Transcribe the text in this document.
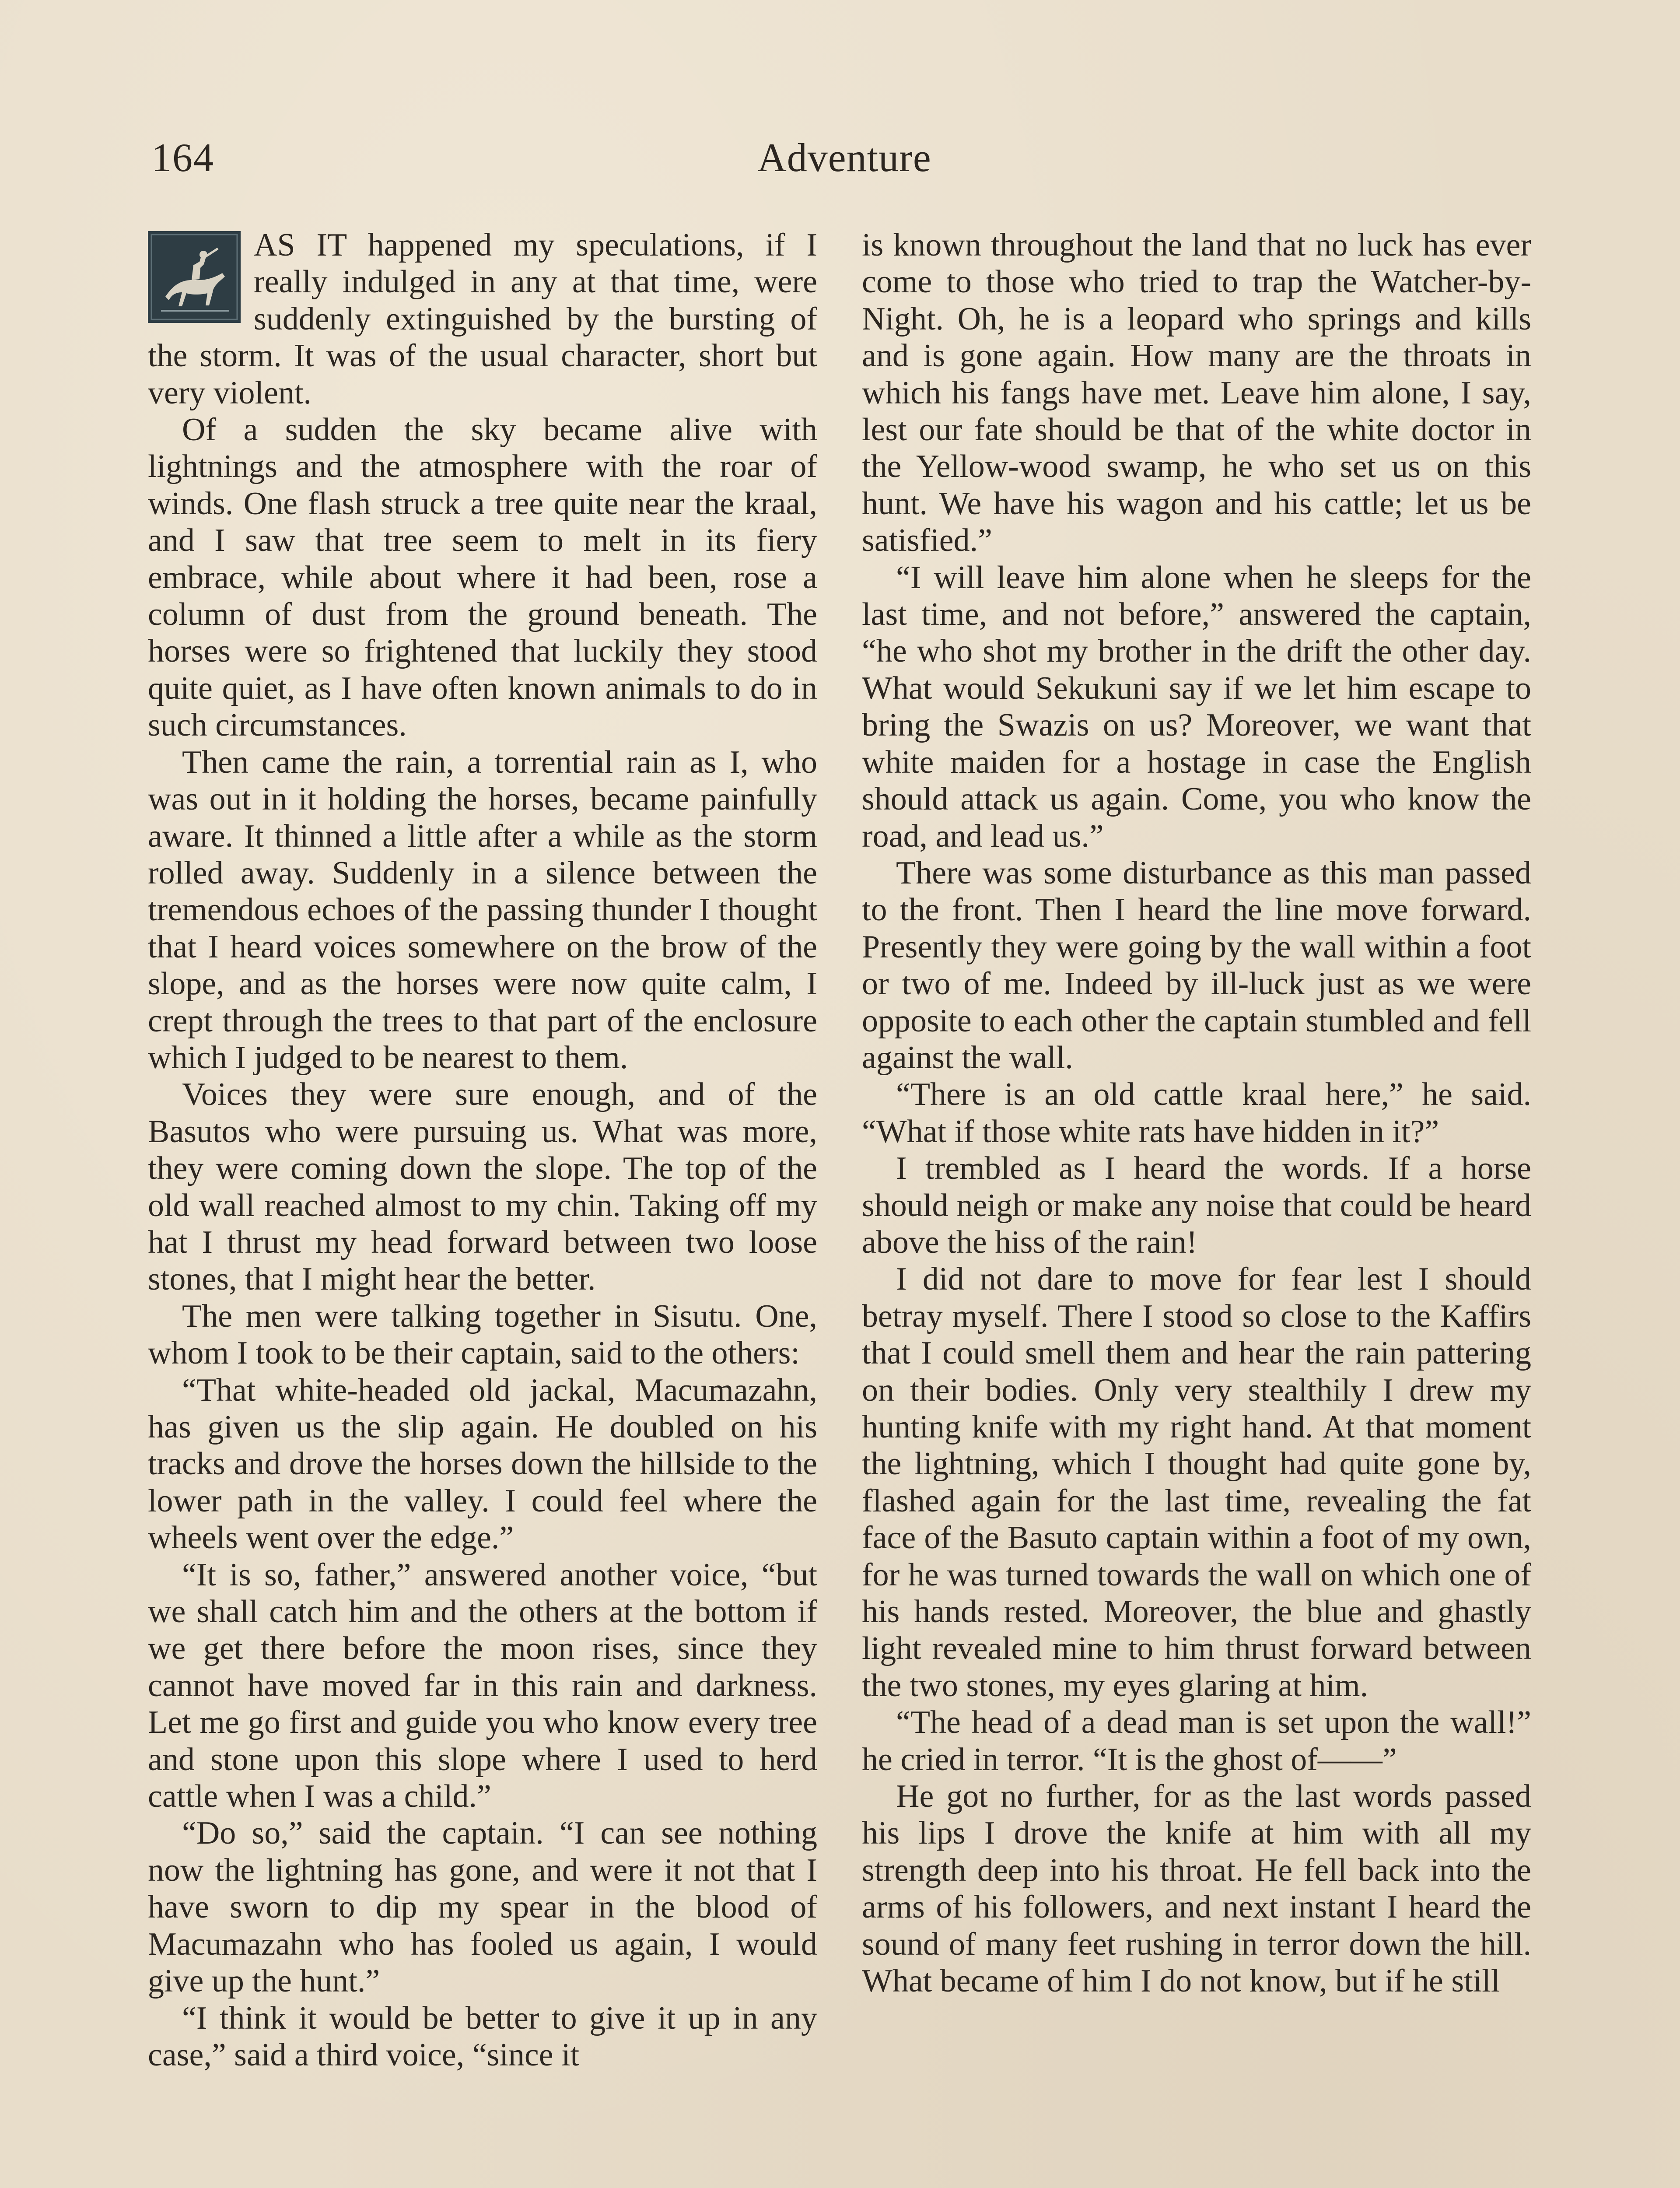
164	Adventure

AS IT happened my speculations, if I really indulged in any at that time, were suddenly extinguished by the bursting of the storm. It was of the usual character, short but very violent.

Of a sudden the sky became alive with lightnings and the atmosphere with the roar of winds. One flash struck a tree quite near the kraal, and I saw that tree seem to melt in its fiery embrace, while about where it had been, rose a column of dust from the ground beneath. The horses were so frightened that luckily they stood quite quiet, as I have often known animals to do in such circumstances.

Then came the rain, a torrential rain as I, who was out in it holding the horses, became painfully aware. It thinned a little after a while as the storm rolled away. Suddenly in a silence between the tremendous echoes of the passing thunder I thought that I heard voices somewhere on the brow of the slope, and as the horses were now quite calm, I crept through the trees to that part of the enclosure which I judged to be nearest to them.

Voices they were sure enough, and of the Basutos who were pursuing us. What was more, they were coming down the slope. The top of the old wall reached almost to my chin. Taking off my hat I thrust my head forward between two loose stones, that I might hear the better.

The men were talking together in Sisutu. One, whom I took to be their captain, said to the others:

“That white-headed old jackal, Macumazahn, has given us the slip again. He doubled on his tracks and drove the horses down the hillside to the lower path in the valley. I could feel where the wheels went over the edge.”

“It is so, father,” answered another voice, “but we shall catch him and the others at the bottom if we get there before the moon rises, since they cannot have moved far in this rain and darkness. Let me go first and guide you who know every tree and stone upon this slope where I used to herd cattle when I was a child.”

“Do so,” said the captain. “I can see nothing now the lightning has gone, and were it not that I have sworn to dip my spear in the blood of Macumazahn who has fooled us again, I would give up the hunt.”

“I think it would be better to give it up in any case,” said a third voice, “since it

is known throughout the land that no luck has ever come to those who tried to trap the Watcher-by-Night. Oh, he is a leopard who springs and kills and is gone again. How many are the throats in which his fangs have met. Leave him alone, I say, lest our fate should be that of the white doctor in the Yellow-wood swamp, he who set us on this hunt. We have his wagon and his cattle; let us be satisfied.”

“I will leave him alone when he sleeps for the last time, and not before,” answered the captain, “he who shot my brother in the drift the other day. What would Sekukuni say if we let him escape to bring the Swazis on us? Moreover, we want that white maiden for a hostage in case the English should attack us again. Come, you who know the road, and lead us.”

There was some disturbance as this man passed to the front. Then I heard the line move forward. Presently they were going by the wall within a foot or two of me. Indeed by ill-luck just as we were opposite to each other the captain stumbled and fell against the wall.

“There is an old cattle kraal here,” he said. “What if those white rats have hidden in it?”

I trembled as I heard the words. If a horse should neigh or make any noise that could be heard above the hiss of the rain!

I did not dare to move for fear lest I should betray myself. There I stood so close to the Kaffirs that I could smell them and hear the rain pattering on their bodies. Only very stealthily I drew my hunting knife with my right hand. At that moment the lightning, which I thought had quite gone by, flashed again for the last time, revealing the fat face of the Basuto captain within a foot of my own, for he was turned towards the wall on which one of his hands rested. Moreover, the blue and ghastly light revealed mine to him thrust forward between the two stones, my eyes glaring at him.

“The head of a dead man is set upon the wall!” he cried in terror. “It is the ghost of——”

He got no further, for as the last words passed his lips I drove the knife at him with all my strength deep into his throat. He fell back into the arms of his followers, and next instant I heard the sound of many feet rushing in terror down the hill. What became of him I do not know, but if he still
